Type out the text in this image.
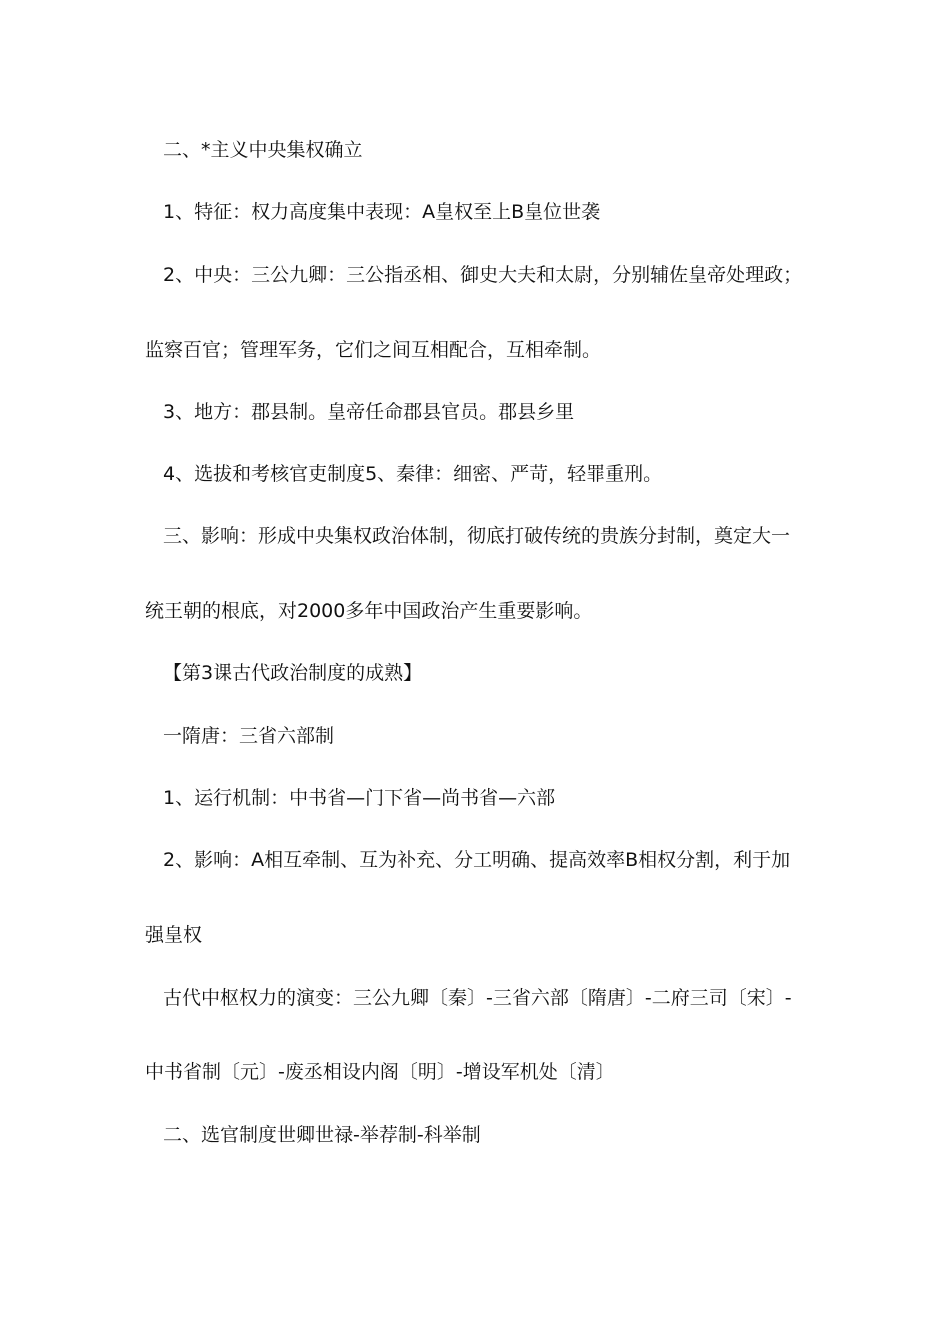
二、*主义中央集权确立
1、特征：权力高度集中表现：A皇权至上B皇位世袭
2、中央：三公九卿：三公指丞相、御史大夫和太尉，分别辅佐皇帝处理政；
监察百官；管理军务，它们之间互相配合，互相牵制。
3、地方：郡县制。皇帝任命郡县官员。郡县乡里
4、选拔和考核官吏制度5、秦律：细密、严苛，轻罪重刑。
三、影响：形成中央集权政治体制，彻底打破传统的贵族分封制，奠定大一
统王朝的根底，对2000多年中国政治产生重要影响。
【第3课古代政治制度的成熟】
一隋唐：三省六部制
1、运行机制：中书省—门下省—尚书省—六部
2、影响：A相互牵制、互为补充、分工明确、提高效率B相权分割，利于加
强皇权
古代中枢权力的演变：三公九卿〔秦〕-三省六部〔隋唐〕-二府三司〔宋〕-
中书省制〔元〕-废丞相设内阁〔明〕-增设军机处〔清〕
二、选官制度世卿世禄-举荐制-科举制
